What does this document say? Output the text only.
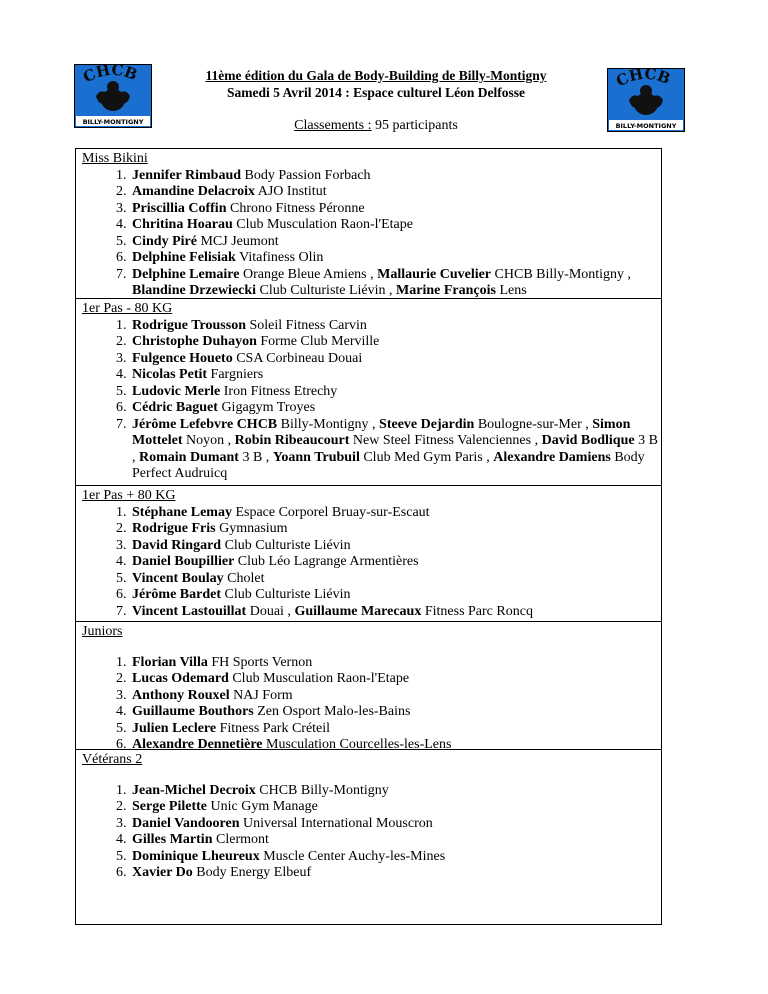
CHCB
BILLY-MONTIGNY
CHCB
BILLY-MONTIGNY
11ème édition du Gala de Body-Building de Billy-Montigny
Samedi 5 Avril 2014 : Espace culturel Léon Delfosse
Classements : 95 participants
Miss Bikini
1. Jennifer Rimbaud Body Passion Forbach
2. Amandine Delacroix AJO Institut
3. Priscillia Coffin Chrono Fitness Péronne
4. Chritina Hoarau Club Musculation Raon-l'Etape
5. Cindy Piré MCJ Jeumont
6. Delphine Felisiak Vitafiness Olin
7. Delphine Lemaire Orange Bleue Amiens , Mallaurie Cuvelier CHCB Billy-Montigny , Blandine Drzewiecki Club Culturiste Liévin , Marine François Lens
1er Pas - 80 KG
1. Rodrigue Trousson Soleil Fitness Carvin
2. Christophe Duhayon Forme Club Merville
3. Fulgence Houeto CSA Corbineau Douai
4. Nicolas Petit Fargniers
5. Ludovic Merle Iron Fitness Etrechy
6. Cédric Baguet Gigagym Troyes
7. Jérôme Lefebvre CHCB Billy-Montigny , Steeve Dejardin Boulogne-sur-Mer , Simon Mottelet Noyon , Robin Ribeaucourt New Steel Fitness Valenciennes , David Bodlique 3 B , Romain Dumant 3 B , Yoann Trubuil Club Med Gym Paris , Alexandre Damiens Body Perfect Audruicq
1er Pas + 80 KG
1. Stéphane Lemay Espace Corporel Bruay-sur-Escaut
2. Rodrigue Fris Gymnasium
3. David Ringard Club Culturiste Liévin
4. Daniel Boupillier Club Léo Lagrange Armentières
5. Vincent Boulay Cholet
6. Jérôme Bardet Club Culturiste Liévin
7. Vincent Lastouillat Douai , Guillaume Marecaux Fitness Parc Roncq
Juniors
1. Florian Villa FH Sports Vernon
2. Lucas Odemard Club Musculation Raon-l'Etape
3. Anthony Rouxel NAJ Form
4. Guillaume Bouthors Zen Osport Malo-les-Bains
5. Julien Leclere Fitness Park Créteil
6. Alexandre Dennetière Musculation Courcelles-les-Lens
Vétérans 2
1. Jean-Michel Decroix CHCB Billy-Montigny
2. Serge Pilette Unic Gym Manage
3. Daniel Vandooren Universal International Mouscron
4. Gilles Martin Clermont
5. Dominique Lheureux Muscle Center Auchy-les-Mines
6. Xavier Do Body Energy Elbeuf
